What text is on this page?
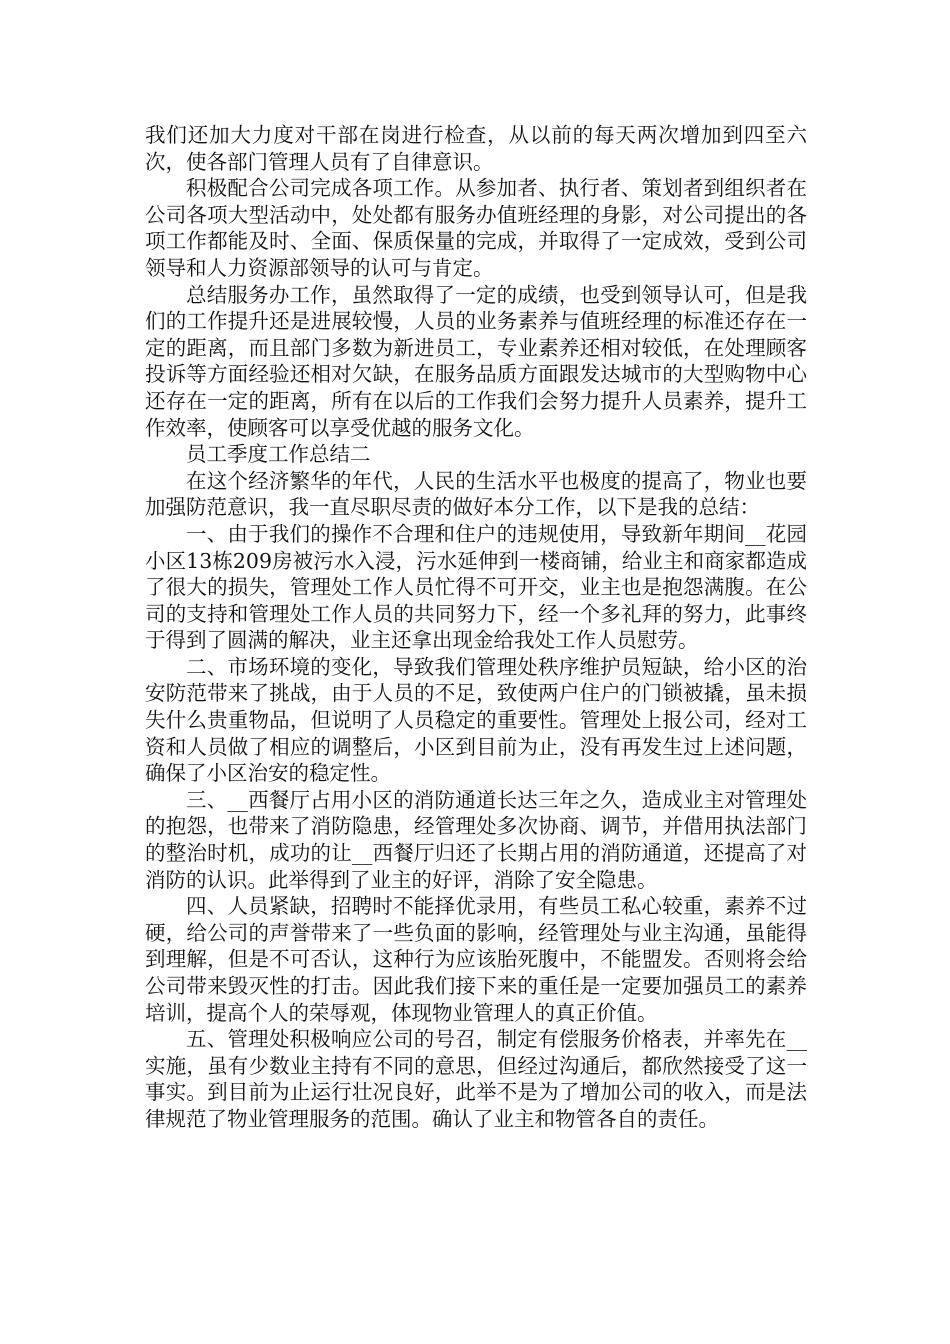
我们还加大力度对干部在岗进行检查，从以前的每天两次增加到四至六次，使各部门管理人员有了自律意识。

积极配合公司完成各项工作。从参加者、执行者、策划者到组织者在公司各项大型活动中，处处都有服务办值班经理的身影，对公司提出的各项工作都能及时、全面、保质保量的完成，并取得了一定成效，受到公司领导和人力资源部领导的认可与肯定。

总结服务办工作，虽然取得了一定的成绩，也受到领导认可，但是我们的工作提升还是进展较慢，人员的业务素养与值班经理的标准还存在一定的距离，而且部门多数为新进员工，专业素养还相对较低，在处理顾客投诉等方面经验还相对欠缺，在服务品质方面跟发达城市的大型购物中心还存在一定的距离，所有在以后的工作我们会努力提升人员素养，提升工作效率，使顾客可以享受优越的服务文化。

员工季度工作总结二

在这个经济繁华的年代，人民的生活水平也极度的提高了，物业也要加强防范意识，我一直尽职尽责的做好本分工作，以下是我的总结：

一、由于我们的操作不合理和住户的违规使用，导致新年期间__花园小区13栋209房被污水入浸，污水延伸到一楼商铺，给业主和商家都造成了很大的损失，管理处工作人员忙得不可开交，业主也是抱怨满腹。在公司的支持和管理处工作人员的共同努力下，经一个多礼拜的努力，此事终于得到了圆满的解决，业主还拿出现金给我处工作人员慰劳。

二、市场环境的变化，导致我们管理处秩序维护员短缺，给小区的治安防范带来了挑战，由于人员的不足，致使两户住户的门锁被撬，虽未损失什么贵重物品，但说明了人员稳定的重要性。管理处上报公司，经对工资和人员做了相应的调整后，小区到目前为止，没有再发生过上述问题，确保了小区治安的稳定性。

三、__西餐厅占用小区的消防通道长达三年之久，造成业主对管理处的抱怨，也带来了消防隐患，经管理处多次协商、调节，并借用执法部门的整治时机，成功的让__西餐厅归还了长期占用的消防通道，还提高了对消防的认识。此举得到了业主的好评，消除了安全隐患。

四、人员紧缺，招聘时不能择优录用，有些员工私心较重，素养不过硬，给公司的声誉带来了一些负面的影响，经管理处与业主沟通，虽能得到理解，但是不可否认，这种行为应该胎死腹中，不能盟发。否则将会给公司带来毁灭性的打击。因此我们接下来的重任是一定要加强员工的素养培训，提高个人的荣辱观，体现物业管理人的真正价值。

五、管理处积极响应公司的号召，制定有偿服务价格表，并率先在__实施，虽有少数业主持有不同的意思，但经过沟通后，都欣然接受了这一事实。到目前为止运行壮况良好，此举不是为了增加公司的收入，而是法律规范了物业管理服务的范围。确认了业主和物管各自的责任。
